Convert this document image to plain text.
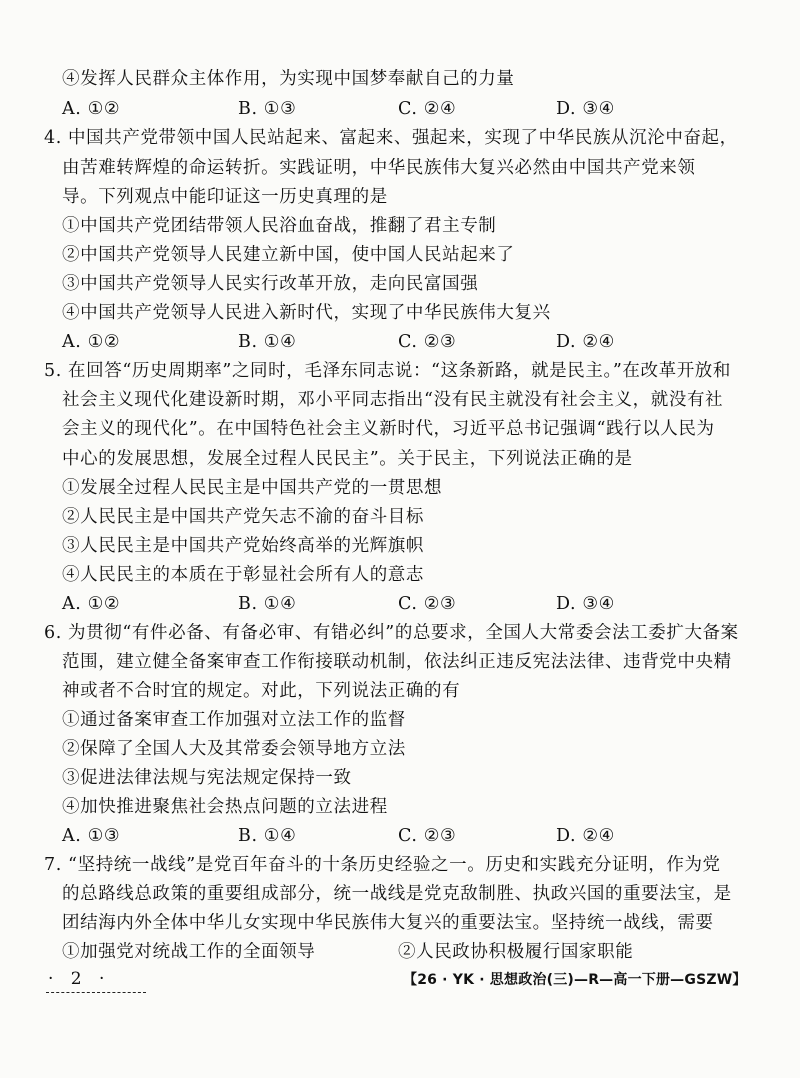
④发挥人民群众主体作用，为实现中国梦奉献自己的力量
A. ①②	B. ①③	C. ②④	D. ③④
4. 中国共产党带领中国人民站起来、富起来、强起来，实现了中华民族从沉沦中奋起，
由苦难转辉煌的命运转折。实践证明，中华民族伟大复兴必然由中国共产党来领
导。下列观点中能印证这一历史真理的是
①中国共产党团结带领人民浴血奋战，推翻了君主专制
②中国共产党领导人民建立新中国，使中国人民站起来了
③中国共产党领导人民实行改革开放，走向民富国强
④中国共产党领导人民进入新时代，实现了中华民族伟大复兴
A. ①②	B. ①④	C. ②③	D. ②④
5. 在回答“历史周期率”之同时，毛泽东同志说：“这条新路，就是民主。”在改革开放和
社会主义现代化建设新时期，邓小平同志指出“没有民主就没有社会主义，就没有社
会主义的现代化”。在中国特色社会主义新时代，习近平总书记强调“践行以人民为
中心的发展思想，发展全过程人民民主”。关于民主，下列说法正确的是
①发展全过程人民民主是中国共产党的一贯思想
②人民民主是中国共产党矢志不渝的奋斗目标
③人民民主是中国共产党始终高举的光辉旗帜
④人民民主的本质在于彰显社会所有人的意志
A. ①②	B. ①④	C. ②③	D. ③④
6. 为贯彻“有件必备、有备必审、有错必纠”的总要求，全国人大常委会法工委扩大备案
范围，建立健全备案审查工作衔接联动机制，依法纠正违反宪法法律、违背党中央精
神或者不合时宜的规定。对此，下列说法正确的有
①通过备案审查工作加强对立法工作的监督
②保障了全国人大及其常委会领导地方立法
③促进法律法规与宪法规定保持一致
④加快推进聚焦社会热点问题的立法进程
A. ①③	B. ①④	C. ②③	D. ②④
7. “坚持统一战线”是党百年奋斗的十条历史经验之一。历史和实践充分证明，作为党
的总路线总政策的重要组成部分，统一战线是党克敌制胜、执政兴国的重要法宝，是
团结海内外全体中华儿女实现中华民族伟大复兴的重要法宝。坚持统一战线，需要
①加强党对统战工作的全面领导	②人民政协积极履行国家职能
· 2 ·	【26 · YK · 思想政治(三)—R—高一下册—GSZW】
